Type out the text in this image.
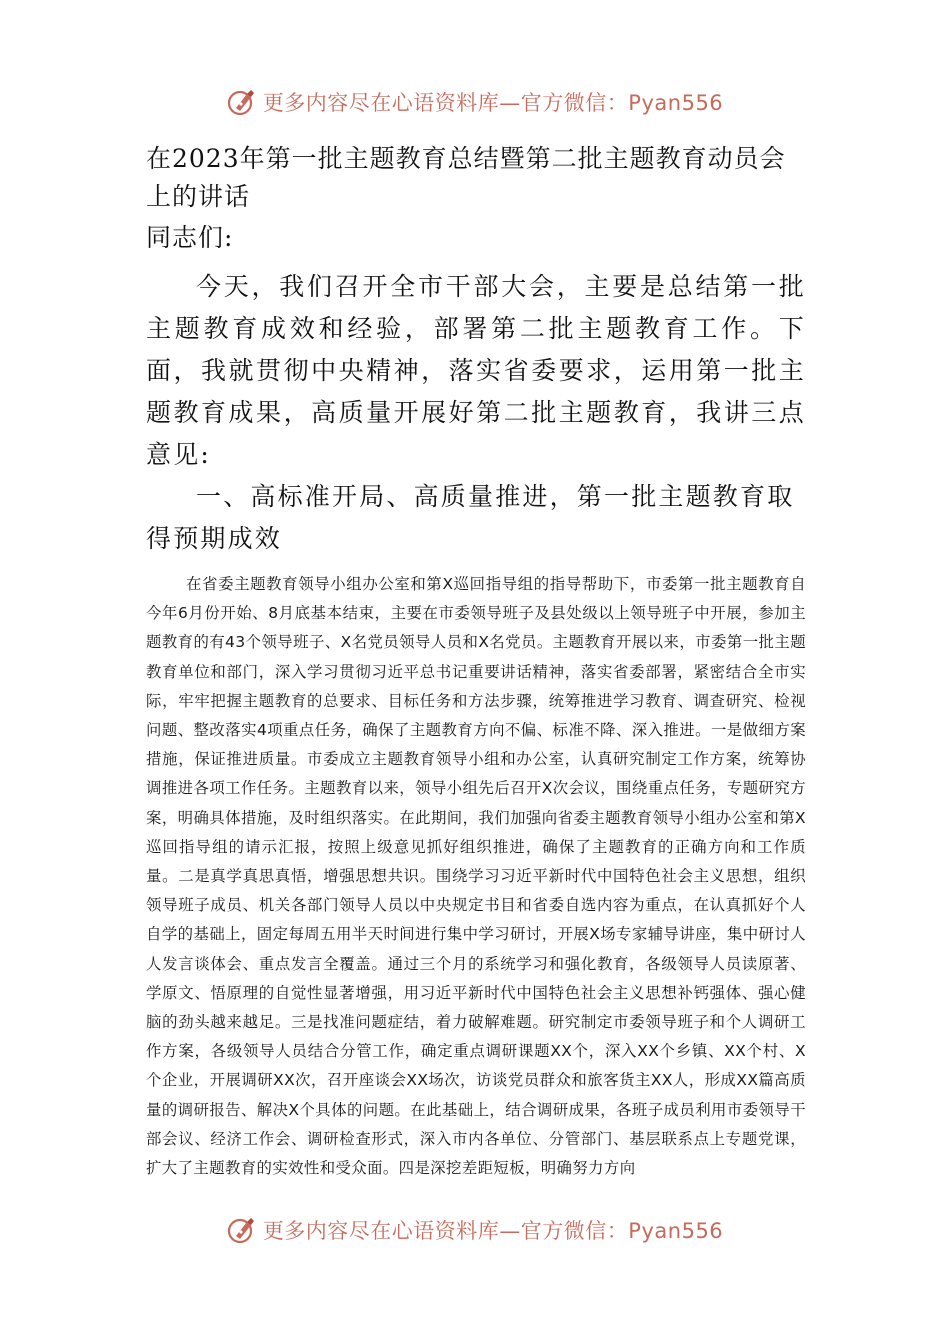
更多内容尽在心语资料库—官方微信：Pyan556
在2023年第一批主题教育总结暨第二批主题教育动员会上的讲话

同志们:

今天，我们召开全市干部大会，主要是总结第一批主题教育成效和经验，部署第二批主题教育工作。下面，我就贯彻中央精神，落实省委要求，运用第一批主题教育成果，高质量开展好第二批主题教育，我讲三点意见:

一、高标准开局、高质量推进，第一批主题教育取得预期成效

在省委主题教育领导小组办公室和第X巡回指导组的指导帮助下，市委第一批主题教育自今年6月份开始、8月底基本结束，主要在市委领导班子及县处级以上领导班子中开展，参加主题教育的有43个领导班子、X名党员领导人员和X名党员。主题教育开展以来，市委第一批主题教育单位和部门，深入学习贯彻习近平总书记重要讲话精神，落实省委部署，紧密结合全市实际，牢牢把握主题教育的总要求、目标任务和方法步骤，统筹推进学习教育、调查研究、检视问题、整改落实4项重点任务，确保了主题教育方向不偏、标准不降、深入推进。一是做细方案措施，保证推进质量。市委成立主题教育领导小组和办公室，认真研究制定工作方案，统筹协调推进各项工作任务。主题教育以来，领导小组先后召开X次会议，围绕重点任务，专题研究方案，明确具体措施，及时组织落实。在此期间，我们加强向省委主题教育领导小组办公室和第X巡回指导组的请示汇报，按照上级意见抓好组织推进，确保了主题教育的正确方向和工作质量。二是真学真思真悟，增强思想共识。围绕学习习近平新时代中国特色社会主义思想，组织领导班子成员、机关各部门领导人员以中央规定书目和省委自选内容为重点，在认真抓好个人自学的基础上，固定每周五用半天时间进行集中学习研讨，开展X场专家辅导讲座，集中研讨人人发言谈体会、重点发言全覆盖。通过三个月的系统学习和强化教育，各级领导人员读原著、学原文、悟原理的自觉性显著增强，用习近平新时代中国特色社会主义思想补钙强体、强心健脑的劲头越来越足。三是找准问题症结，着力破解难题。研究制定市委领导班子和个人调研工作方案，各级领导人员结合分管工作，确定重点调研课题XX个，深入XX个乡镇、XX个村、X个企业，开展调研XX次，召开座谈会XX场次，访谈党员群众和旅客货主XX人，形成XX篇高质量的调研报告、解决X个具体的问题。在此基础上，结合调研成果，各班子成员利用市委领导干部会议、经济工作会、调研检查形式，深入市内各单位、分管部门、基层联系点上专题党课，扩大了主题教育的实效性和受众面。四是深挖差距短板，明确努力方向

更多内容尽在心语资料库—官方微信：Pyan556
